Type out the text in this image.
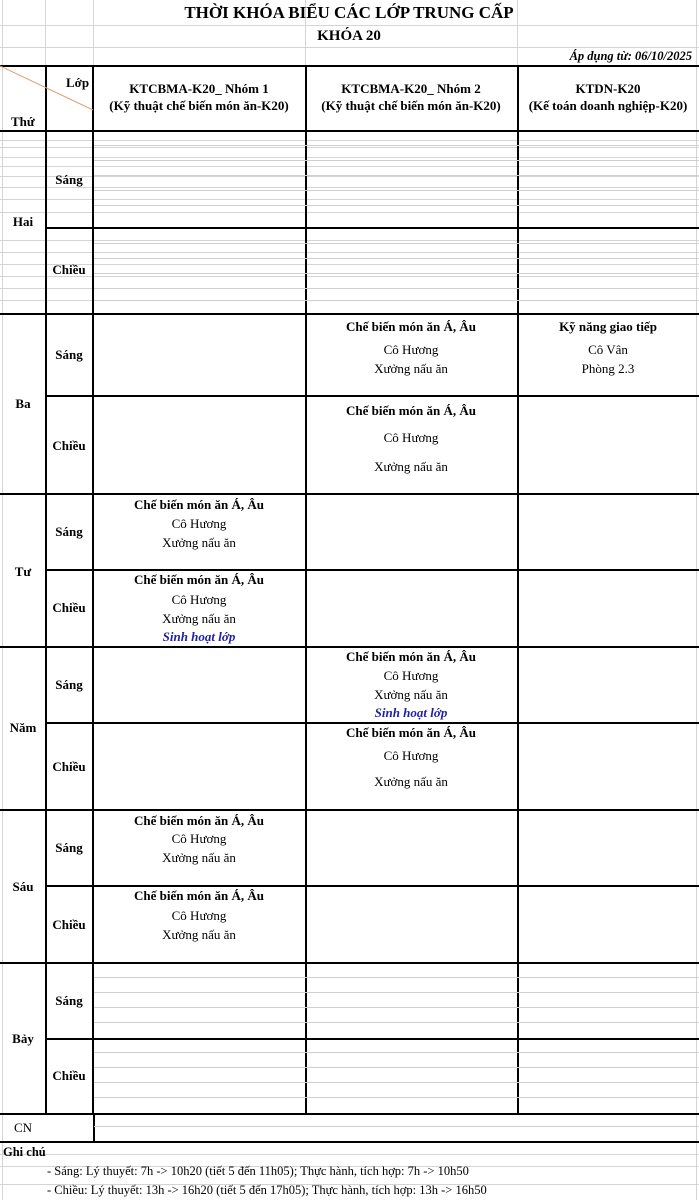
THỜI KHÓA BIỂU CÁC LỚP TRUNG CẤP
KHÓA 20
Áp dụng từ: 06/10/2025
Lớp
Thứ
KTCBMA-K20_ Nhóm 1
(Kỹ thuật chế biến món ăn-K20)
KTCBMA-K20_ Nhóm 2
(Kỹ thuật chế biến món ăn-K20)
KTDN-K20
(Kế toán doanh nghiệp-K20)
Hai
Ba
Tư
Năm
Sáu
Bảy
CN
Sáng
Chiều
Sáng
Chiều
Sáng
Chiều
Sáng
Chiều
Sáng
Chiều
Sáng
Chiều
Chế biến món ăn Á, Âu
Cô Hương
Xưởng nấu ăn
Kỹ năng giao tiếp
Cô Vân
Phòng 2.3
Chế biến món ăn Á, Âu
Cô Hương
Xưởng nấu ăn
Chế biến món ăn Á, Âu
Cô Hương
Xưởng nấu ăn
Chế biến món ăn Á, Âu
Cô Hương
Xưởng nấu ăn
Sinh hoạt lớp
Chế biến món ăn Á, Âu
Cô Hương
Xưởng nấu ăn
Sinh hoạt lớp
Chế biến món ăn Á, Âu
Cô Hương
Xưởng nấu ăn
Chế biến món ăn Á, Âu
Cô Hương
Xưởng nấu ăn
Chế biến món ăn Á, Âu
Cô Hương
Xưởng nấu ăn
Ghi chú
- Sáng: Lý thuyết: 7h -> 10h20 (tiết 5 đến 11h05); Thực hành, tích hợp: 7h -> 10h50
- Chiều: Lý thuyết: 13h -> 16h20 (tiết 5 đến 17h05); Thực hành, tích hợp: 13h -> 16h50
